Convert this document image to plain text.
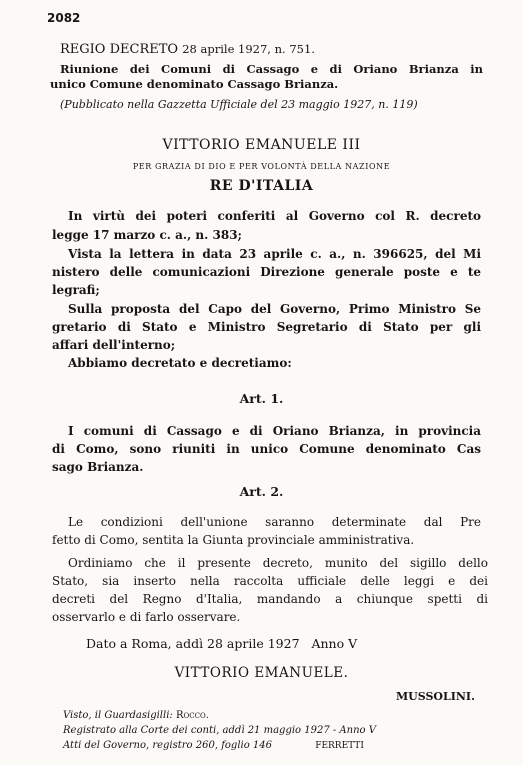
2082
REGIO DECRETO 28 aprile 1927, n. 751.
Riunione dei Comuni di Cassago e di Oriano Brianza in
unico Comune denominato Cassago Brianza.
(Pubblicato nella Gazzetta Ufficiale del 23 maggio 1927, n. 119)
VITTORIO EMANUELE III
PER GRAZIA DI DIO E PER VOLONTÀ DELLA NAZIONE
RE D'ITALIA
In virtù dei poteri conferiti al Governo col R. decreto
legge 17 marzo c. a., n. 383;
Vista la lettera in data 23 aprile c. a., n. 396625, del Mi
nistero delle comunicazioni Direzione generale poste e te
legrafi;
Sulla proposta del Capo del Governo, Primo Ministro Se
gretario di Stato e Ministro Segretario di Stato per gli
affari dell'interno;
Abbiamo decretato e decretiamo:
Art. 1.
I comuni di Cassago e di Oriano Brianza, in provincia
di Como, sono riuniti in unico Comune denominato Cas
sago Brianza.
Art. 2.
Le condizioni dell'unione saranno determinate dal Pre
fetto di Como, sentita la Giunta provinciale amministrativa.
Ordiniamo che il presente decreto, munito del sigillo dello
Stato, sia inserto nella raccolta ufficiale delle leggi e dei
decreti del Regno d'Italia, mandando a chiunque spetti di
osservarlo e di farlo osservare.
Dato a Roma, addì 28 aprile 1927   Anno V
VITTORIO EMANUELE.
MUSSOLINI.
Visto, il Guardasigilli: Rocco.
Registrato alla Corte dei conti, addì 21 maggio 1927 - Anno V
Atti del Governo, registro 260, foglio 146	FERRETTI
